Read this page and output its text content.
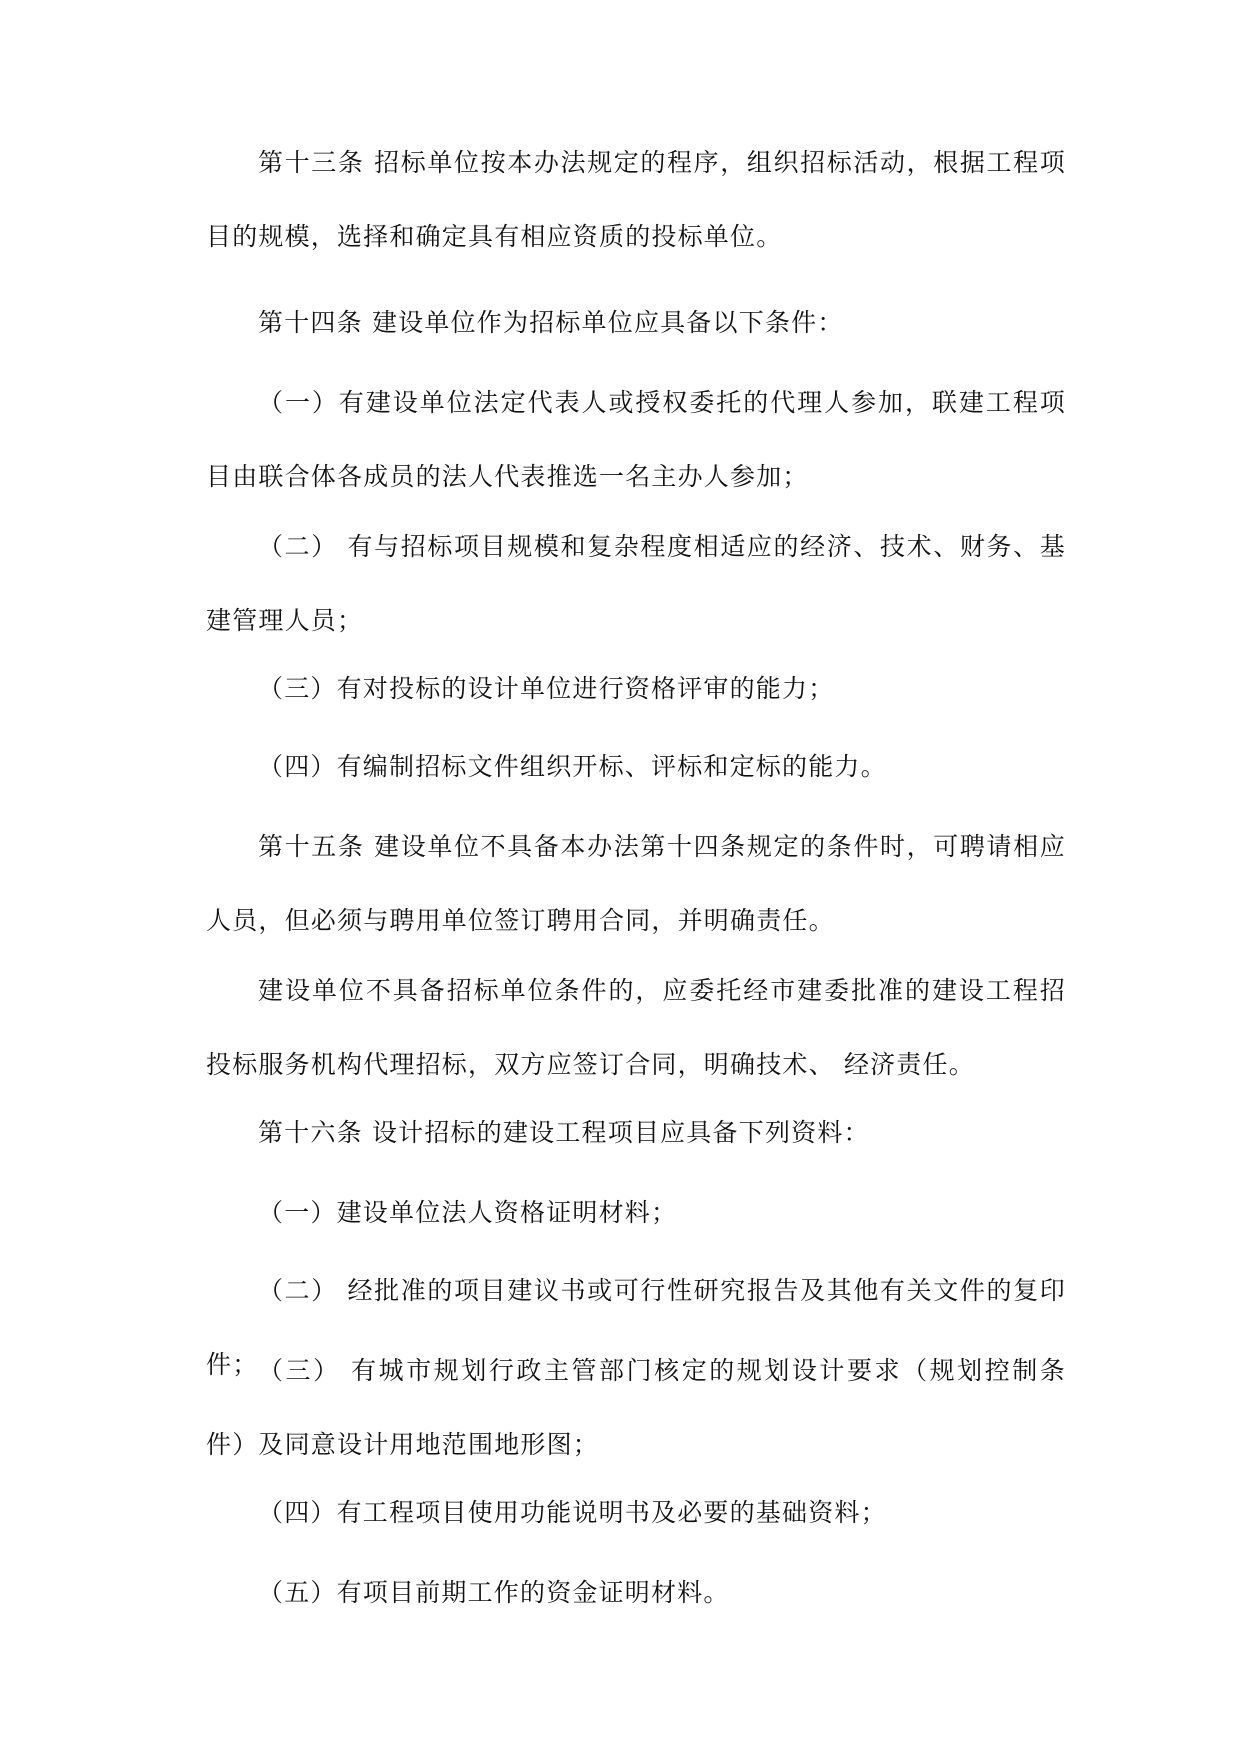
第十三条 招标单位按本办法规定的程序，组织招标活动，根据工程项目的规模，选择和确定具有相应资质的投标单位。

第十四条 建设单位作为招标单位应具备以下条件：

（一）有建设单位法定代表人或授权委托的代理人参加，联建工程项目由联合体各成员的法人代表推选一名主办人参加；

（二） 有与招标项目规模和复杂程度相适应的经济、技术、财务、基建管理人员；

（三）有对投标的设计单位进行资格评审的能力；

（四）有编制招标文件组织开标、评标和定标的能力。

第十五条 建设单位不具备本办法第十四条规定的条件时，可聘请相应人员，但必须与聘用单位签订聘用合同，并明确责任。

建设单位不具备招标单位条件的，应委托经市建委批准的建设工程招投标服务机构代理招标，双方应签订合同，明确技术、 经济责任。

第十六条 设计招标的建设工程项目应具备下列资料：

（一）建设单位法人资格证明材料；

（二） 经批准的项目建议书或可行性研究报告及其他有关文件的复印件； （三） 有城市规划行政主管部门核定的规划设计要求（规划控制条件）及同意设计用地范围地形图；

（四）有工程项目使用功能说明书及必要的基础资料；

（五）有项目前期工作的资金证明材料。
